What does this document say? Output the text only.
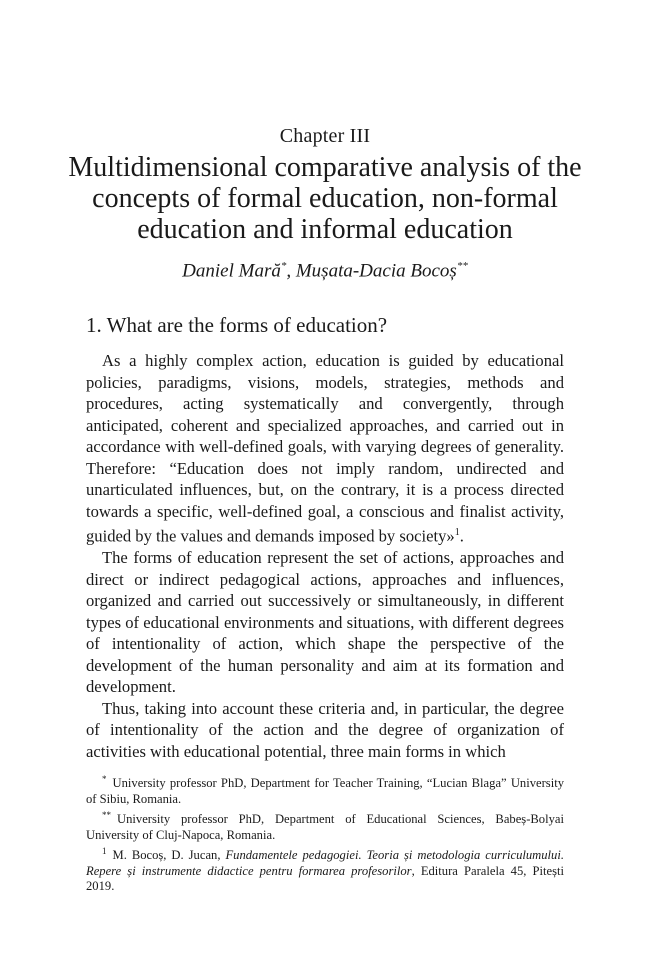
Chapter III
Multidimensional comparative analysis of the concepts of formal education, non-formal education and informal education
Daniel Mară*, Mușata-Dacia Bocoș**
1. What are the forms of education?

As a highly complex action, education is guided by educational policies, paradigms, visions, models, strategies, methods and procedures, acting systematically and convergently, through anticipated, coherent and specialized approaches, and carried out in accordance with well-defined goals, with varying degrees of generality. Therefore: “Education does not imply random, undirected and unarticulated influences, but, on the contrary, it is a process directed towards a specific, well-defined goal, a conscious and finalist activity, guided by the values and demands imposed by society»$^1$.

The forms of education represent the set of actions, approaches and direct or indirect pedagogical actions, approaches and influences, organized and carried out successively or simultaneously, in different types of educational environments and situations, with different degrees of intentionality of action, which shape the perspective of the development of the human personality and aim at its formation and development.

Thus, taking into account these criteria and, in particular, the degree of intentionality of the action and the degree of organization of activities with educational potential, three main forms in which

* University professor PhD, Department for Teacher Training, “Lucian Blaga” University of Sibiu, Romania.

** University professor PhD, Department of Educational Sciences, Babeș-Bolyai University of Cluj-Napoca, Romania.

$^1$ M. Bocoș, D. Jucan, Fundamentele pedagogiei. Teoria și metodologia curriculumului. Repere și instrumente didactice pentru formarea profesorilor, Editura Paralela 45, Pitești 2019.
